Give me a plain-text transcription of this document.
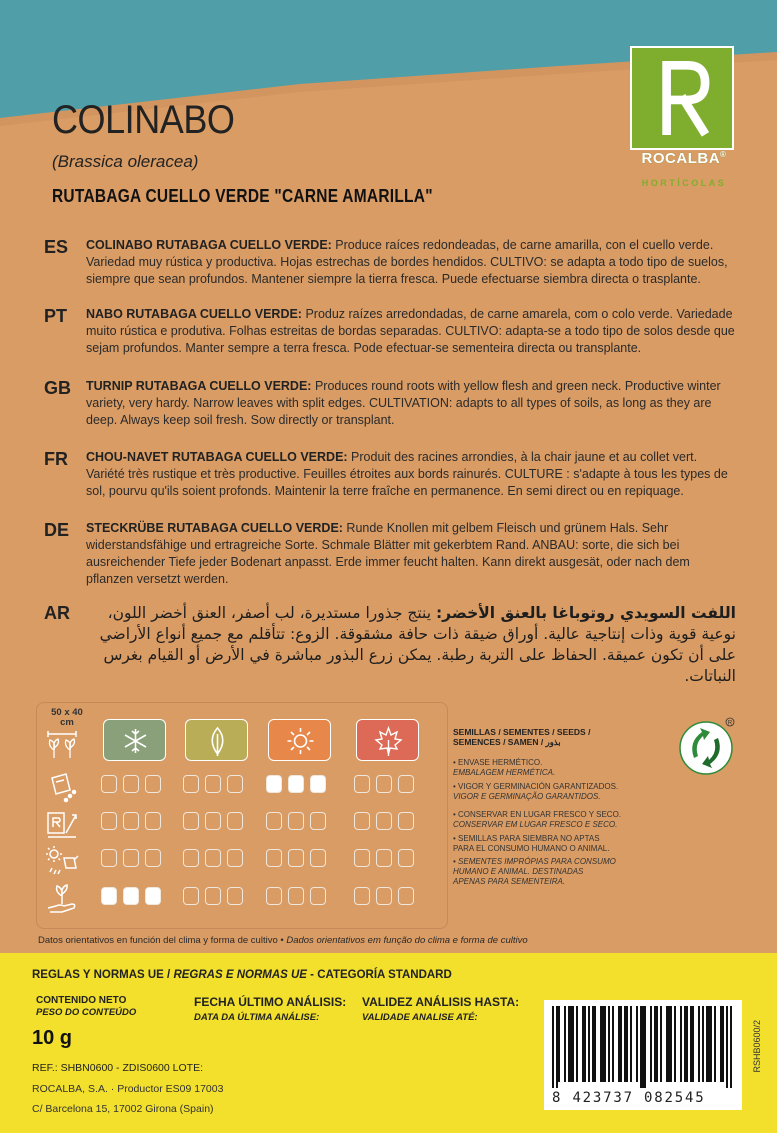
ROCALBA®
HORTÍCOLAS
COLINABO
(Brassica oleracea)
RUTABAGA CUELLO VERDE "CARNE AMARILLA"
ES COLINABO RUTABAGA CUELLO VERDE: Produce raíces redondeadas, de carne amarilla, con el cuello verde. Variedad muy rústica y productiva. Hojas estrechas de bordes hendidos. CULTIVO: se adapta a todo tipo de suelos, siempre que sean profundos. Mantener siempre la tierra fresca. Puede efectuarse siembra directa o trasplante.
PT NABO RUTABAGA CUELLO VERDE: Produz raízes arredondadas, de carne amarela, com o colo verde. Variedade muito rústica e produtiva. Folhas estreitas de bordas separadas. CULTIVO: adapta-se a todo tipo de solos desde que sejam profundos. Manter sempre a terra fresca. Pode efectuar-se sementeira directa ou transplante.
GB TURNIP RUTABAGA CUELLO VERDE: Produces round roots with yellow flesh and green neck. Productive winter variety, very hardy. Narrow leaves with split edges. CULTIVATION: adapts to all types of soils, as long as they are deep. Always keep soil fresh. Sow directly or transplant.
FR CHOU-NAVET RUTABAGA CUELLO VERDE: Produit des racines arrondies, à la chair jaune et au collet vert. Variété très rustique et très productive. Feuilles étroites aux bords rainurés. CULTURE : s'adapte à tous les types de sol, pourvu qu'ils soient profonds. Maintenir la terre fraîche en permanence. En semi direct ou en repiquage.
DE STECKRÜBE RUTABAGA CUELLO VERDE: Runde Knollen mit gelbem Fleisch und grünem Hals. Sehr widerstandsfähige und ertragreiche Sorte. Schmale Blätter mit gekerbtem Rand. ANBAU: sorte, die sich bei ausreichender Tiefe jeder Bodenart anpasst. Erde immer feucht halten. Kann direkt ausgesät, oder nach dem pflanzen versetzt werden.
AR	اللفت السويدي روتوباغا بالعنق الأخضر: ينتج جذورا مستديرة، لب أصفر، العنق أخضر اللون، نوعية قوية وذات إنتاجية عالية. أوراق ضيقة ذات حافة مشقوقة. الزوع: تتأقلم مع جميع أنواع الأراضي على أن تكون عميقة. الحفاظ على التربة رطبة. يمكن زرع البذور مباشرة في الأرض أو القيام بغرس النباتات.
50 x 40
cm
SEMILLAS / SEMENTES / SEEDS /
SEMENCES / SAMEN / بذور
• ENVASE HERMÉTICO.
EMBALAGEM HERMÉTICA.
• VIGOR Y GERMINACIÓN GARANTIZADOS.
VIGOR E GERMINAÇÃO GARANTIDOS.
• CONSERVAR EN LUGAR FRESCO Y SECO.
CONSERVAR EM LUGAR FRESCO E SECO.
• SEMILLAS PARA SIEMBRA NO APTAS
PARA EL CONSUMO HUMANO O ANIMAL.
• SEMENTES IMPRÓPIAS PARA CONSUMO
HUMANO E ANIMAL. DESTINADAS
APENAS PARA SEMENTEIRA.
R
Datos orientativos en función del clima y forma de cultivo • Dados orientativos em função do clima e forma de cultivo
REGLAS Y NORMAS UE / REGRAS E NORMAS UE - CATEGORÍA STANDARD
CONTENIDO NETO
PESO DO CONTEÚDO
10 g
FECHA ÚLTIMO ANÁLISIS:
DATA DA ÚLTIMA ANÁLISE:
VALIDEZ ANÁLISIS HASTA:
VALIDADE ANALISE ATÉ:
REF.: SHBN0600 - ZDIS0600 LOTE:
ROCALBA, S.A. · Productor ES09 17003
C/ Barcelona 15, 17002 Girona (Spain)
8 423737 082545
RSHB0600/2
